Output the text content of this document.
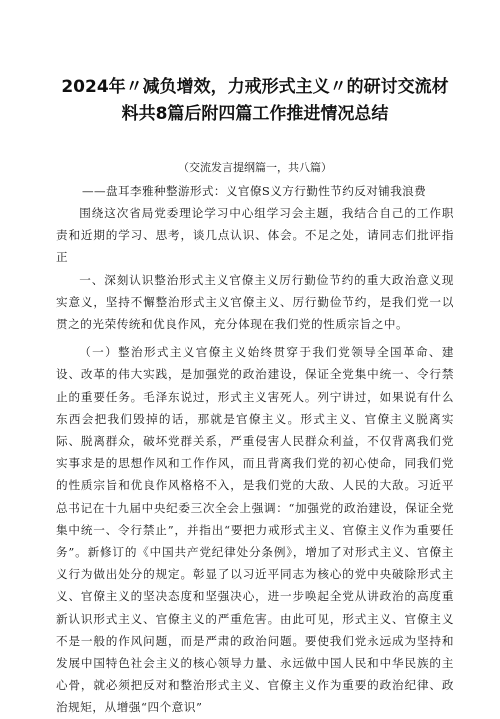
2024年〃减负增效，力戒形式主义〃的研讨交流材料共8篇后附四篇工作推进情况总结
（交流发言提纲篇一，共八篇）
——盘耳李雅种整游形式：义官僚S义方行勤性节约反对铺我浪费

围绕这次省局党委理论学习中心组学习会主题，我结合自己的工作职责和近期的学习、思考，谈几点认识、体会。不足之处，请同志们批评指正

一、深刻认识整治形式主义官僚主义厉行勤俭节约的重大政治意义现实意义，坚持不懈整治形式主义官僚主义、厉行勤俭节约，是我们党一以贯之的光荣传统和优良作风，充分体现在我们党的性质宗旨之中。

（一）整治形式主义官僚主义始终贯穿于我们党领导全国革命、建设、改革的伟大实践，是加强党的政治建设，保证全党集中统一、令行禁止的重要任务。毛泽东说过，形式主义害死人。列宁讲过，如果说有什么东西会把我们毁掉的话，那就是官僚主义。形式主义、官僚主义脱离实际、脱离群众，破坏党群关系，严重侵害人民群众利益，不仅背离我们党实事求是的思想作风和工作作风，而且背离我们党的初心使命，同我们党的性质宗旨和优良作风格格不入，是我们党的大敌、人民的大敌。习近平总书记在十九届中央纪委三次全会上强调：“加强党的政治建设，保证全党集中统一、令行禁止”，并指出“要把力戒形式主义、官僚主义作为重要任务”。新修订的《中国共产党纪律处分条例》，增加了对形式主义、官僚主义行为做出处分的规定。彰显了以习近平同志为核心的党中央破除形式主义、官僚主义的坚决态度和坚强决心，进一步唤起全党从讲政治的高度重新认识形式主义、官僚主义的严重危害。由此可见，形式主义、官僚主义不是一般的作风问题，而是严肃的政治问题。要使我们党永远成为坚持和发展中国特色社会主义的核心领导力量、永远做中国人民和中华民族的主心骨，就必须把反对和整治形式主义、官僚主义作为重要的政治纪律、政治规矩，从增强“四个意识”
